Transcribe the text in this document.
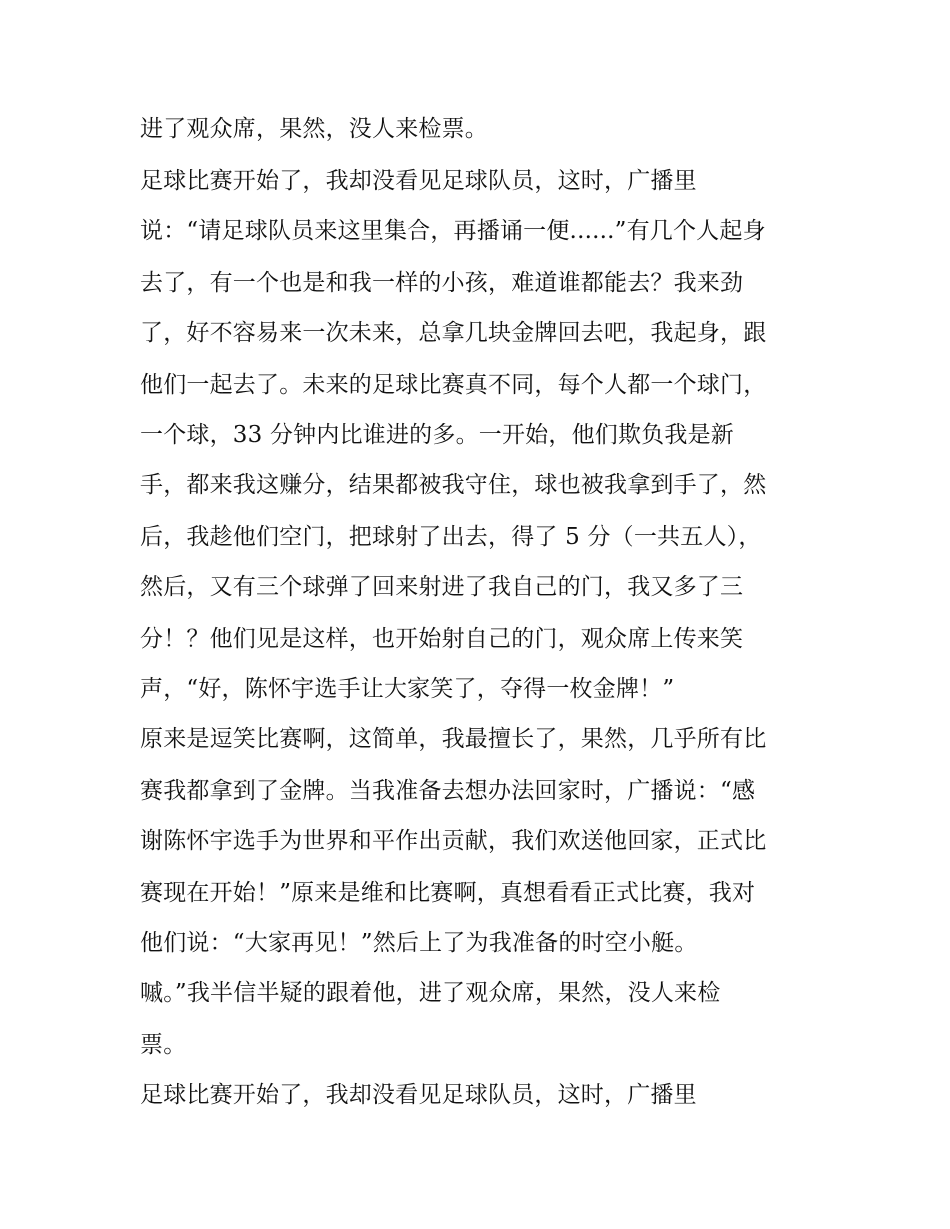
进了观众席，果然，没人来检票。

足球比赛开始了，我却没看见足球队员，这时，广播里

说：“请足球队员来这里集合，再播诵一便......”有几个人起身

去了，有一个也是和我一样的小孩，难道谁都能去？我来劲

了，好不容易来一次未来，总拿几块金牌回去吧，我起身，跟

他们一起去了。未来的足球比赛真不同，每个人都一个球门，

一个球，33 分钟内比谁进的多。一开始，他们欺负我是新

手，都来我这赚分，结果都被我守住，球也被我拿到手了，然

后，我趁他们空门，把球射了出去，得了 5 分（一共五人），

然后，又有三个球弹了回来射进了我自己的门，我又多了三

分！？他们见是这样，也开始射自己的门，观众席上传来笑

声，“好，陈怀宇选手让大家笑了，夺得一枚金牌！”

原来是逗笑比赛啊，这简单，我最擅长了，果然，几乎所有比

赛我都拿到了金牌。当我准备去想办法回家时，广播说：“感

谢陈怀宇选手为世界和平作出贡献，我们欢送他回家，正式比

赛现在开始！”原来是维和比赛啊，真想看看正式比赛，我对

他们说：“大家再见！”然后上了为我准备的时空小艇。

嘁。”我半信半疑的跟着他，进了观众席，果然，没人来检

票。

足球比赛开始了，我却没看见足球队员，这时，广播里
